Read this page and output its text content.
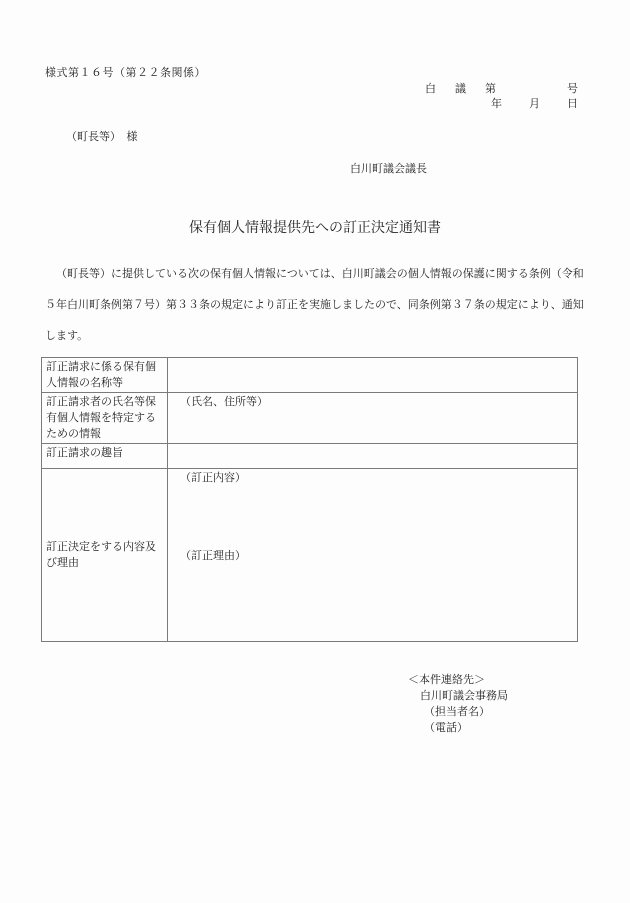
様式第１６号（第２２条関係）
白 議 第	号
年 月 日
（町長等）　様
白川町議会議長
保有個人情報提供先への訂正決定通知書

（町長等）に提供している次の保有個人情報については、白川町議会の個人情報の保護に関する条例（令和５年白川町条例第７号）第３３条の規定により訂正を実施しましたので、同条例第３７条の規定により、通知します。

訂正請求に係る保有個人情報の名称等	
訂正請求者の氏名等保有個人情報を特定するための情報	（氏名、住所等）
訂正請求の趣旨	
訂正決定をする内容及び理由	（訂正内容）
（訂正理由）
＜本件連絡先＞
白川町議会事務局
（担当者名）
（電話）
